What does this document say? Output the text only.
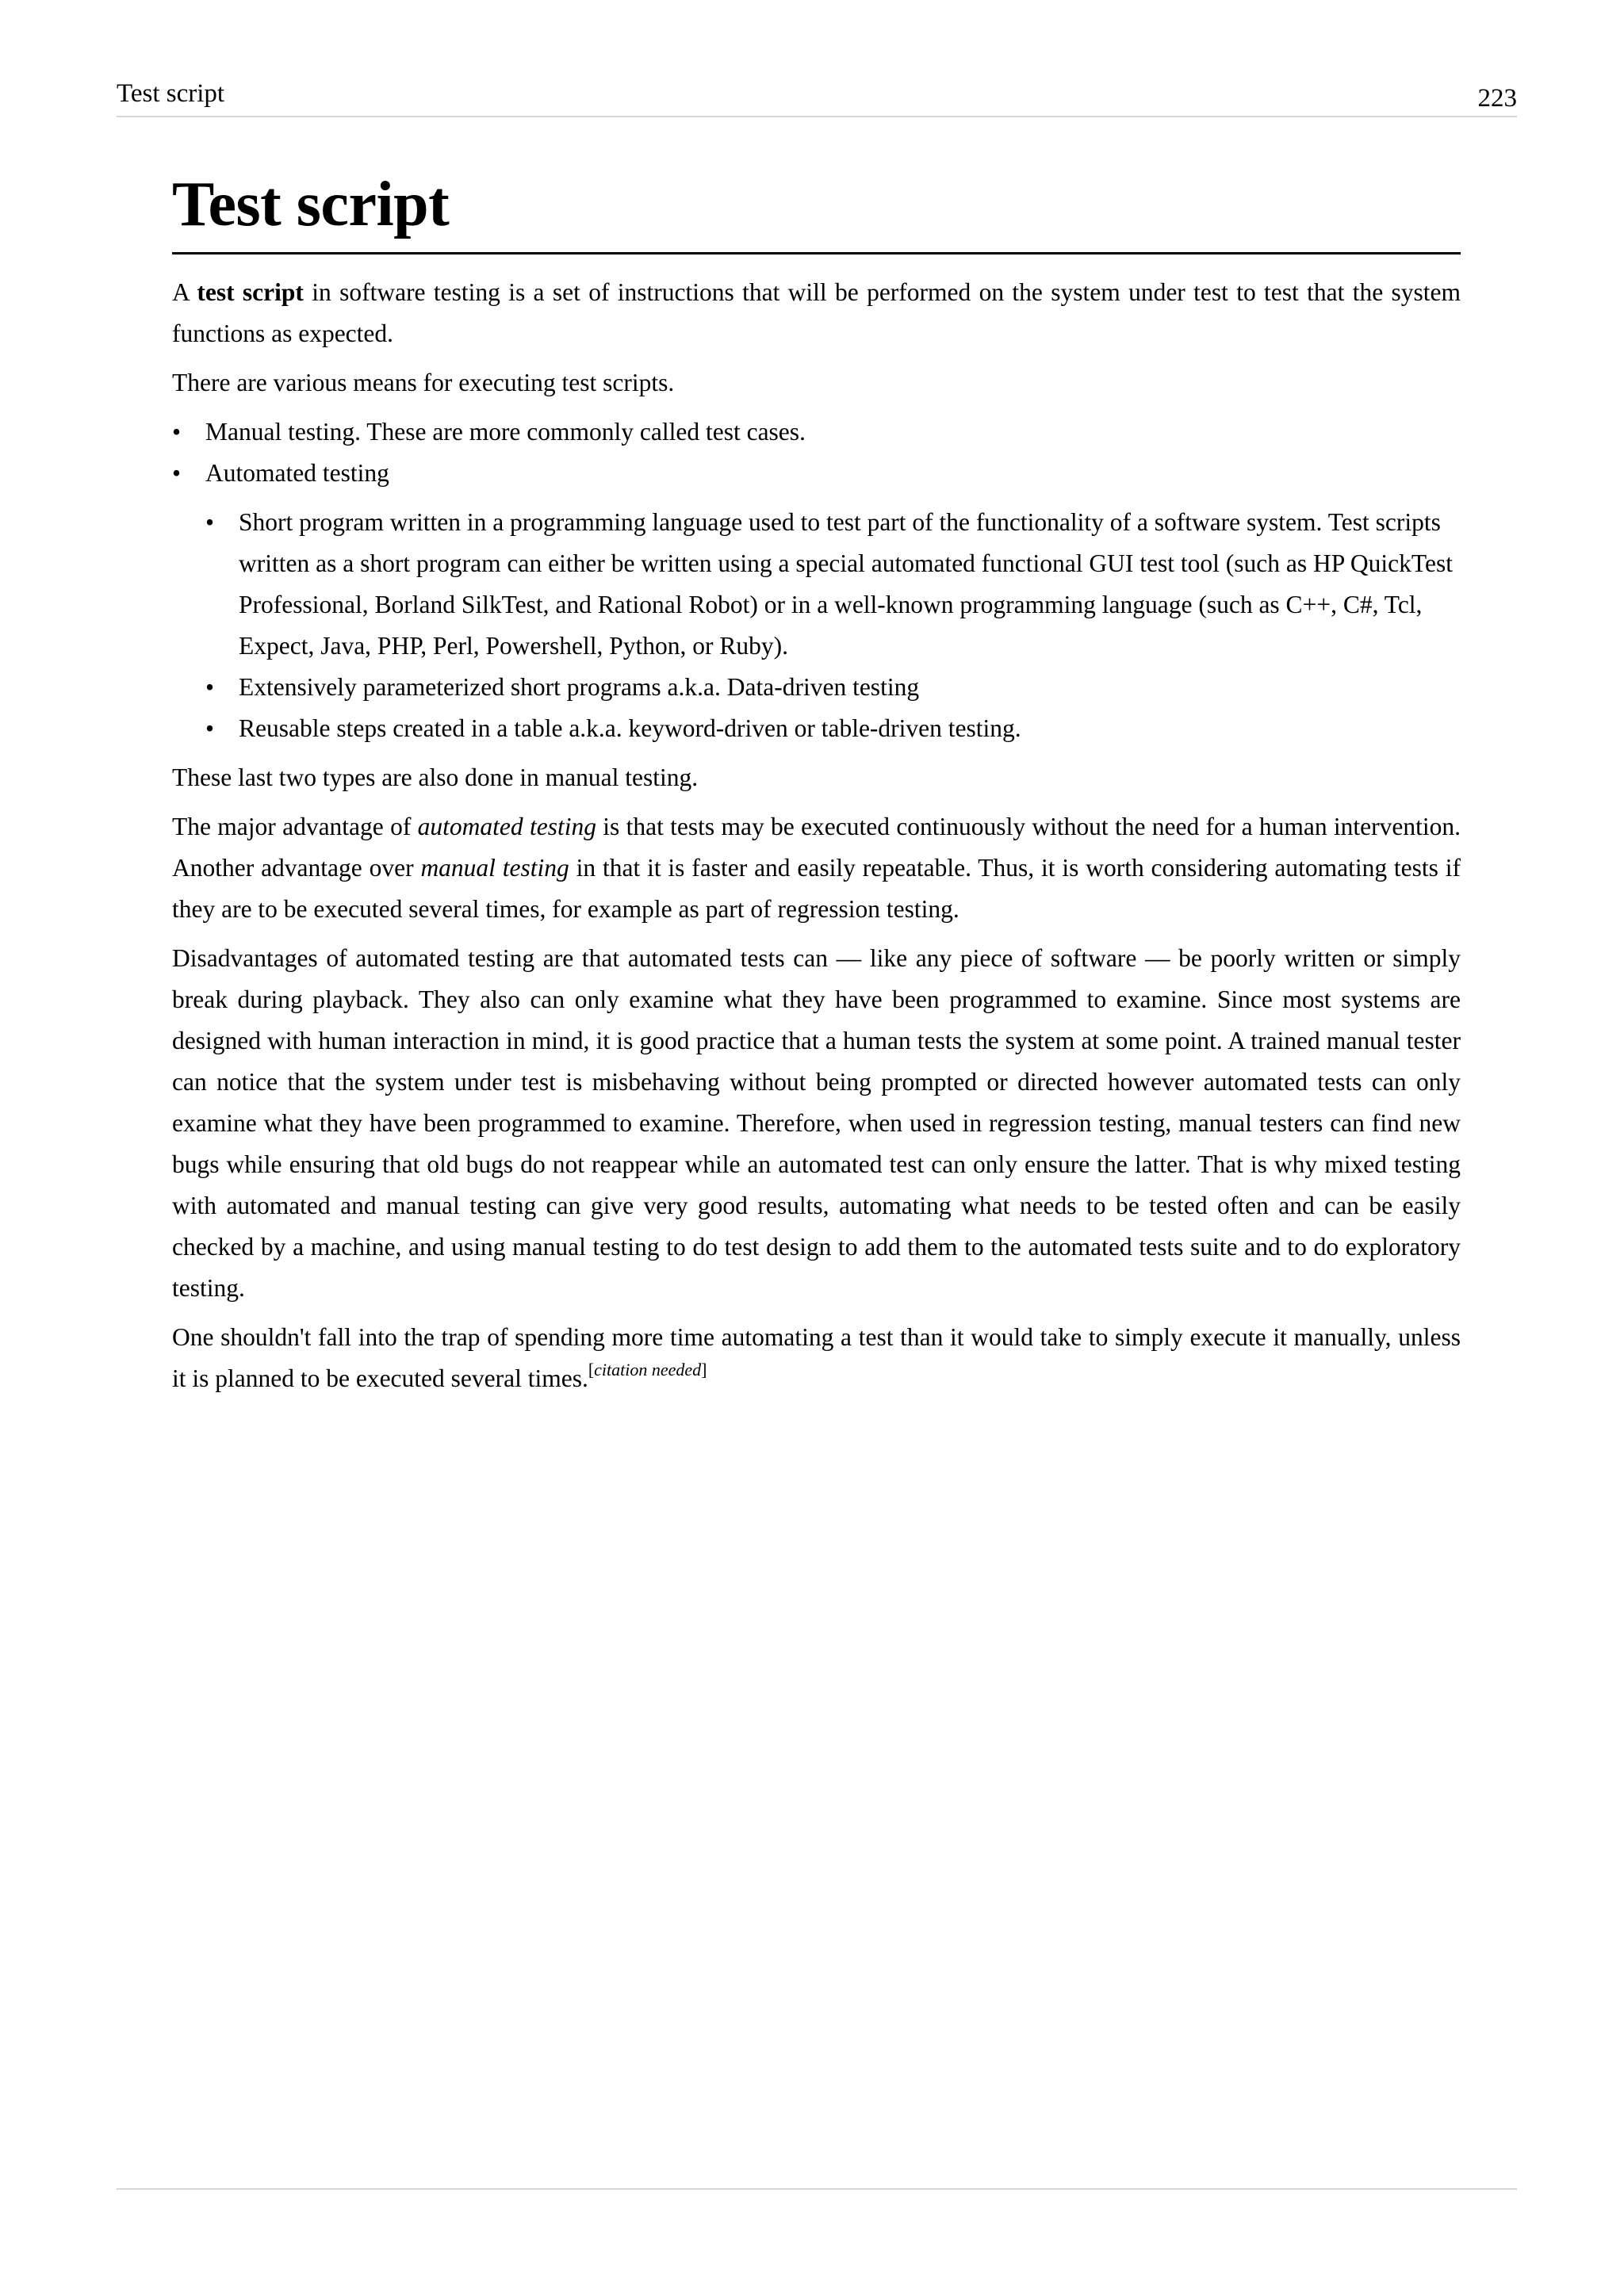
Test script	223
Test script

A test script in software testing is a set of instructions that will be performed on the system under test to test that the system functions as expected.

There are various means for executing test scripts.

• Manual testing. These are more commonly called test cases.
• Automated testing
• Short program written in a programming language used to test part of the functionality of a software system. Test scripts written as a short program can either be written using a special automated functional GUI test tool (such as HP QuickTest Professional, Borland SilkTest, and Rational Robot) or in a well-known programming language (such as C++, C#, Tcl, Expect, Java, PHP, Perl, Powershell, Python, or Ruby).
• Extensively parameterized short programs a.k.a. Data-driven testing
• Reusable steps created in a table a.k.a. keyword-driven or table-driven testing.

These last two types are also done in manual testing.

The major advantage of automated testing is that tests may be executed continuously without the need for a human intervention. Another advantage over manual testing in that it is faster and easily repeatable. Thus, it is worth considering automating tests if they are to be executed several times, for example as part of regression testing.

Disadvantages of automated testing are that automated tests can — like any piece of software — be poorly written or simply break during playback. They also can only examine what they have been programmed to examine. Since most systems are designed with human interaction in mind, it is good practice that a human tests the system at some point. A trained manual tester can notice that the system under test is misbehaving without being prompted or directed however automated tests can only examine what they have been programmed to examine. Therefore, when used in regression testing, manual testers can find new bugs while ensuring that old bugs do not reappear while an automated test can only ensure the latter. That is why mixed testing with automated and manual testing can give very good results, automating what needs to be tested often and can be easily checked by a machine, and using manual testing to do test design to add them to the automated tests suite and to do exploratory testing.

One shouldn't fall into the trap of spending more time automating a test than it would take to simply execute it manually, unless it is planned to be executed several times.[citation needed]
